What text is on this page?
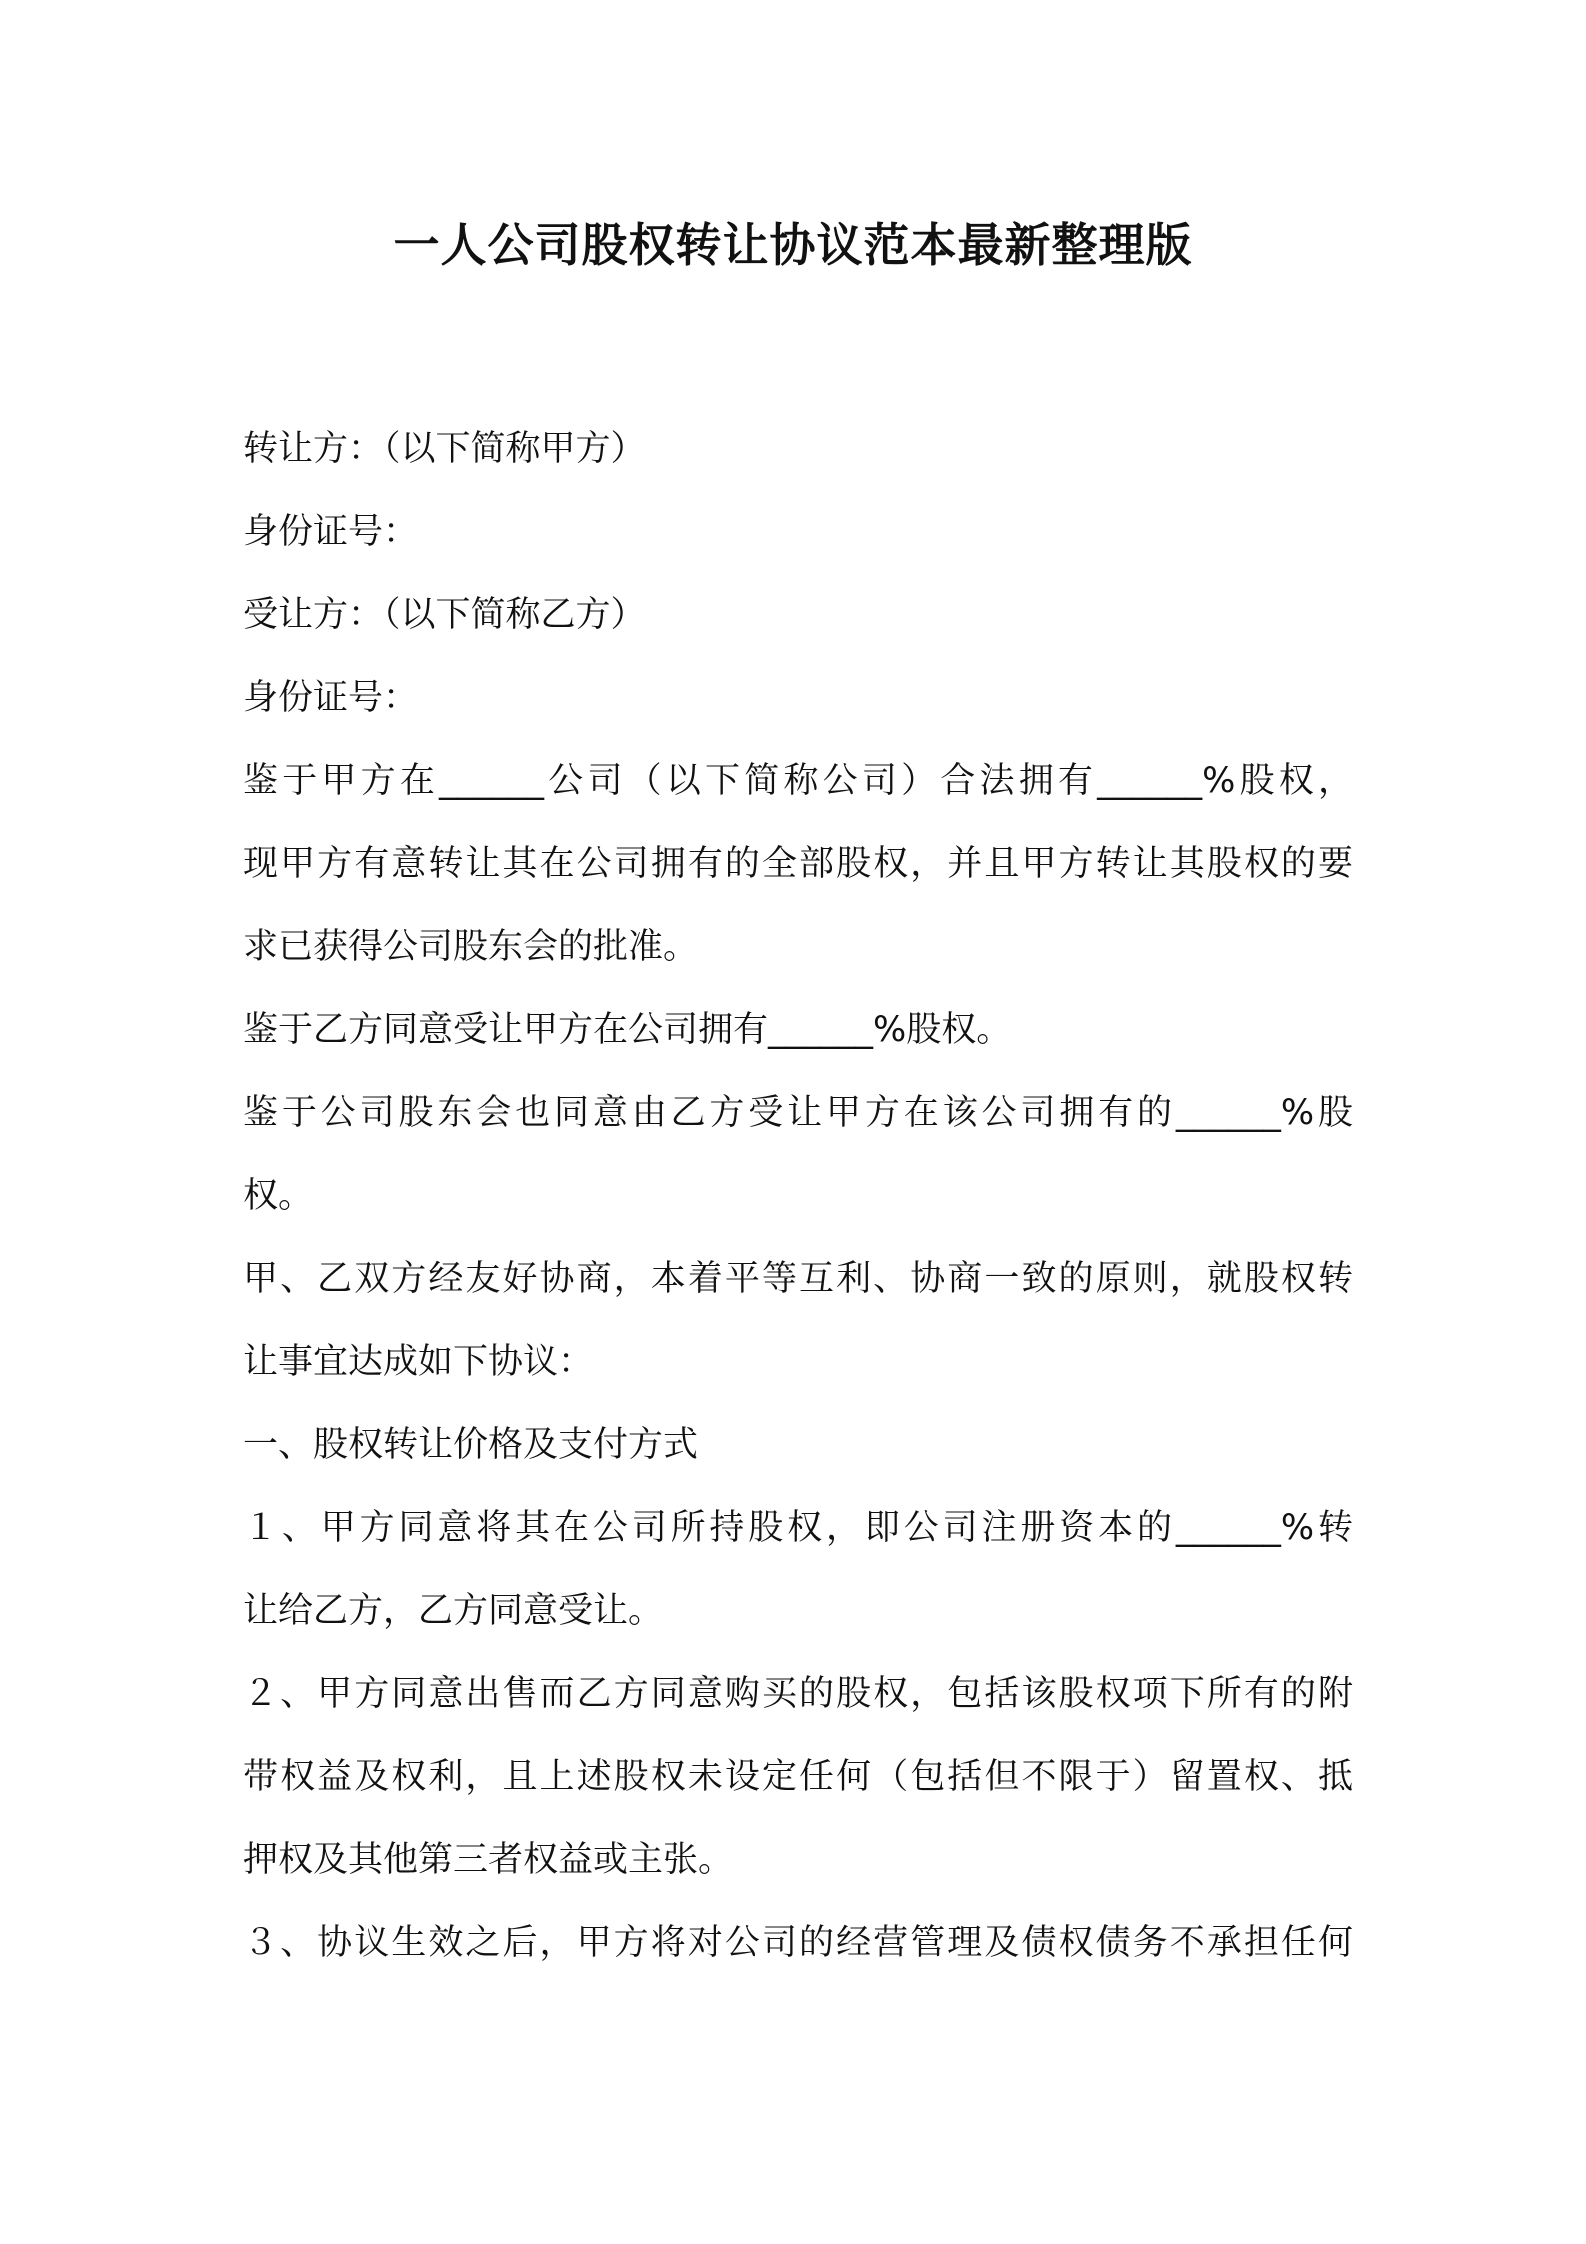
一人公司股权转让协议范本最新整理版
转让方：（以下简称甲方）
身份证号：
受让方：（以下简称乙方）
身份证号：
鉴于甲方在______公司（以下简称公司）合法拥有______%股权，
现甲方有意转让其在公司拥有的全部股权，并且甲方转让其股权的要
求已获得公司股东会的批准。
鉴于乙方同意受让甲方在公司拥有______%股权。
鉴于公司股东会也同意由乙方受让甲方在该公司拥有的______%股
权。
甲、乙双方经友好协商，本着平等互利、协商一致的原则，就股权转
让事宜达成如下协议：
一、股权转让价格及支付方式
１、甲方同意将其在公司所持股权，即公司注册资本的______%转
让给乙方，乙方同意受让。
２、甲方同意出售而乙方同意购买的股权，包括该股权项下所有的附
带权益及权利，且上述股权未设定任何（包括但不限于）留置权、抵
押权及其他第三者权益或主张。
３、协议生效之后，甲方将对公司的经营管理及债权债务不承担任何
